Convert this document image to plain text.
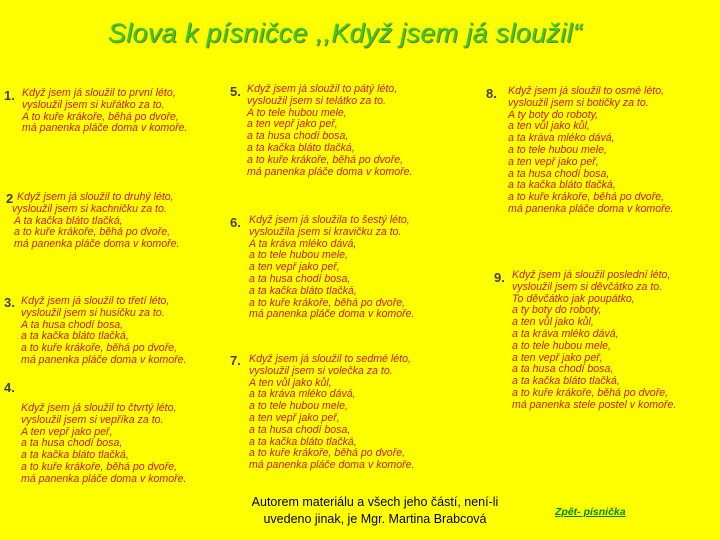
Slova k písničce ,,Když jsem já sloužil“
1. Když jsem já sloužil to první léto,
vysloužil jsem si kuřátko za to.
A to kuře krákoře, běhá po dvoře,
má panenka pláče doma v komoře.
2 Když jsem já sloužil to druhý léto,
vysloužil jsem si kachničku za to.
A ta kačka bláto tlačká,
a to kuře krákoře, běhá po dvoře,
má panenka pláče doma v komoře.
3. Když jsem já sloužil to třetí léto,
vysloužil jsem si husičku za to.
A ta husa chodí bosa,
a ta kačka bláto tlačká,
a to kuře krákoře, běhá po dvoře,
má panenka pláče doma v komoře.
4.
Když jsem já sloužil to čtvrtý léto,
vysloužil jsem si vepříka za to.
A ten vepř jako peř,
a ta husa chodí bosa,
a ta kačka bláto tlačká,
a to kuře krákoře, běhá po dvoře,
má panenka pláče doma v komoře.
5. Když jsem já sloužil to pátý léto,
vysloužil jsem si telátko za to.
A to tele hubou mele,
a ten vepř jako peř,
a ta husa chodí bosa,
a ta kačka bláto tlačká,
a to kuře krákoře, běhá po dvoře,
má panenka pláče doma v komoře.
6. Když jsem já sloužila to šestý léto,
vysloužila jsem si kravičku za to.
A ta kráva mléko dává,
a to tele hubou mele,
a ten vepř jako peř,
a ta husa chodí bosa,
a ta kačka bláto tlačká,
a to kuře krákoře, běhá po dvoře,
má panenka pláče doma v komoře.
7. Když jsem já sloužil to sedmé léto,
vysloužil jsem si volečka za to.
A ten vůl jako kůl,
a ta kráva mléko dává,
a to tele hubou mele,
a ten vepř jako peř,
a ta husa chodí bosa,
a ta kačka bláto tlačká,
a to kuře krákoře, běhá po dvoře,
má panenka pláče doma v komoře.
8. Když jsem já sloužil to osmé léto,
vysloužil jsem si botičky za to.
A ty boty do roboty,
a ten vůl jako kůl,
a ta kráva mléko dává,
a to tele hubou mele,
a ten vepř jako peř,
a ta husa chodí bosa,
a ta kačka bláto tlačká,
a to kuře krákoře, běhá po dvoře,
má panenka pláče doma v komoře.
9. Když jsem já sloužil poslední léto,
vysloužil jsem si děvčátko za to.
To děvčátko jak poupátko,
a ty boty do roboty,
a ten vůl jako kůl,
a ta kráva mléko dává,
a to tele hubou mele,
a ten vepř jako peř,
a ta husa chodí bosa,
a ta kačka bláto tlačká,
a to kuře krákoře, běhá po dvoře,
má panenka stele postel v komoře.
Autorem materiálu a všech jeho částí, není-li
uvedeno jinak, je Mgr. Martina Brabcová	Zpět- písnička
